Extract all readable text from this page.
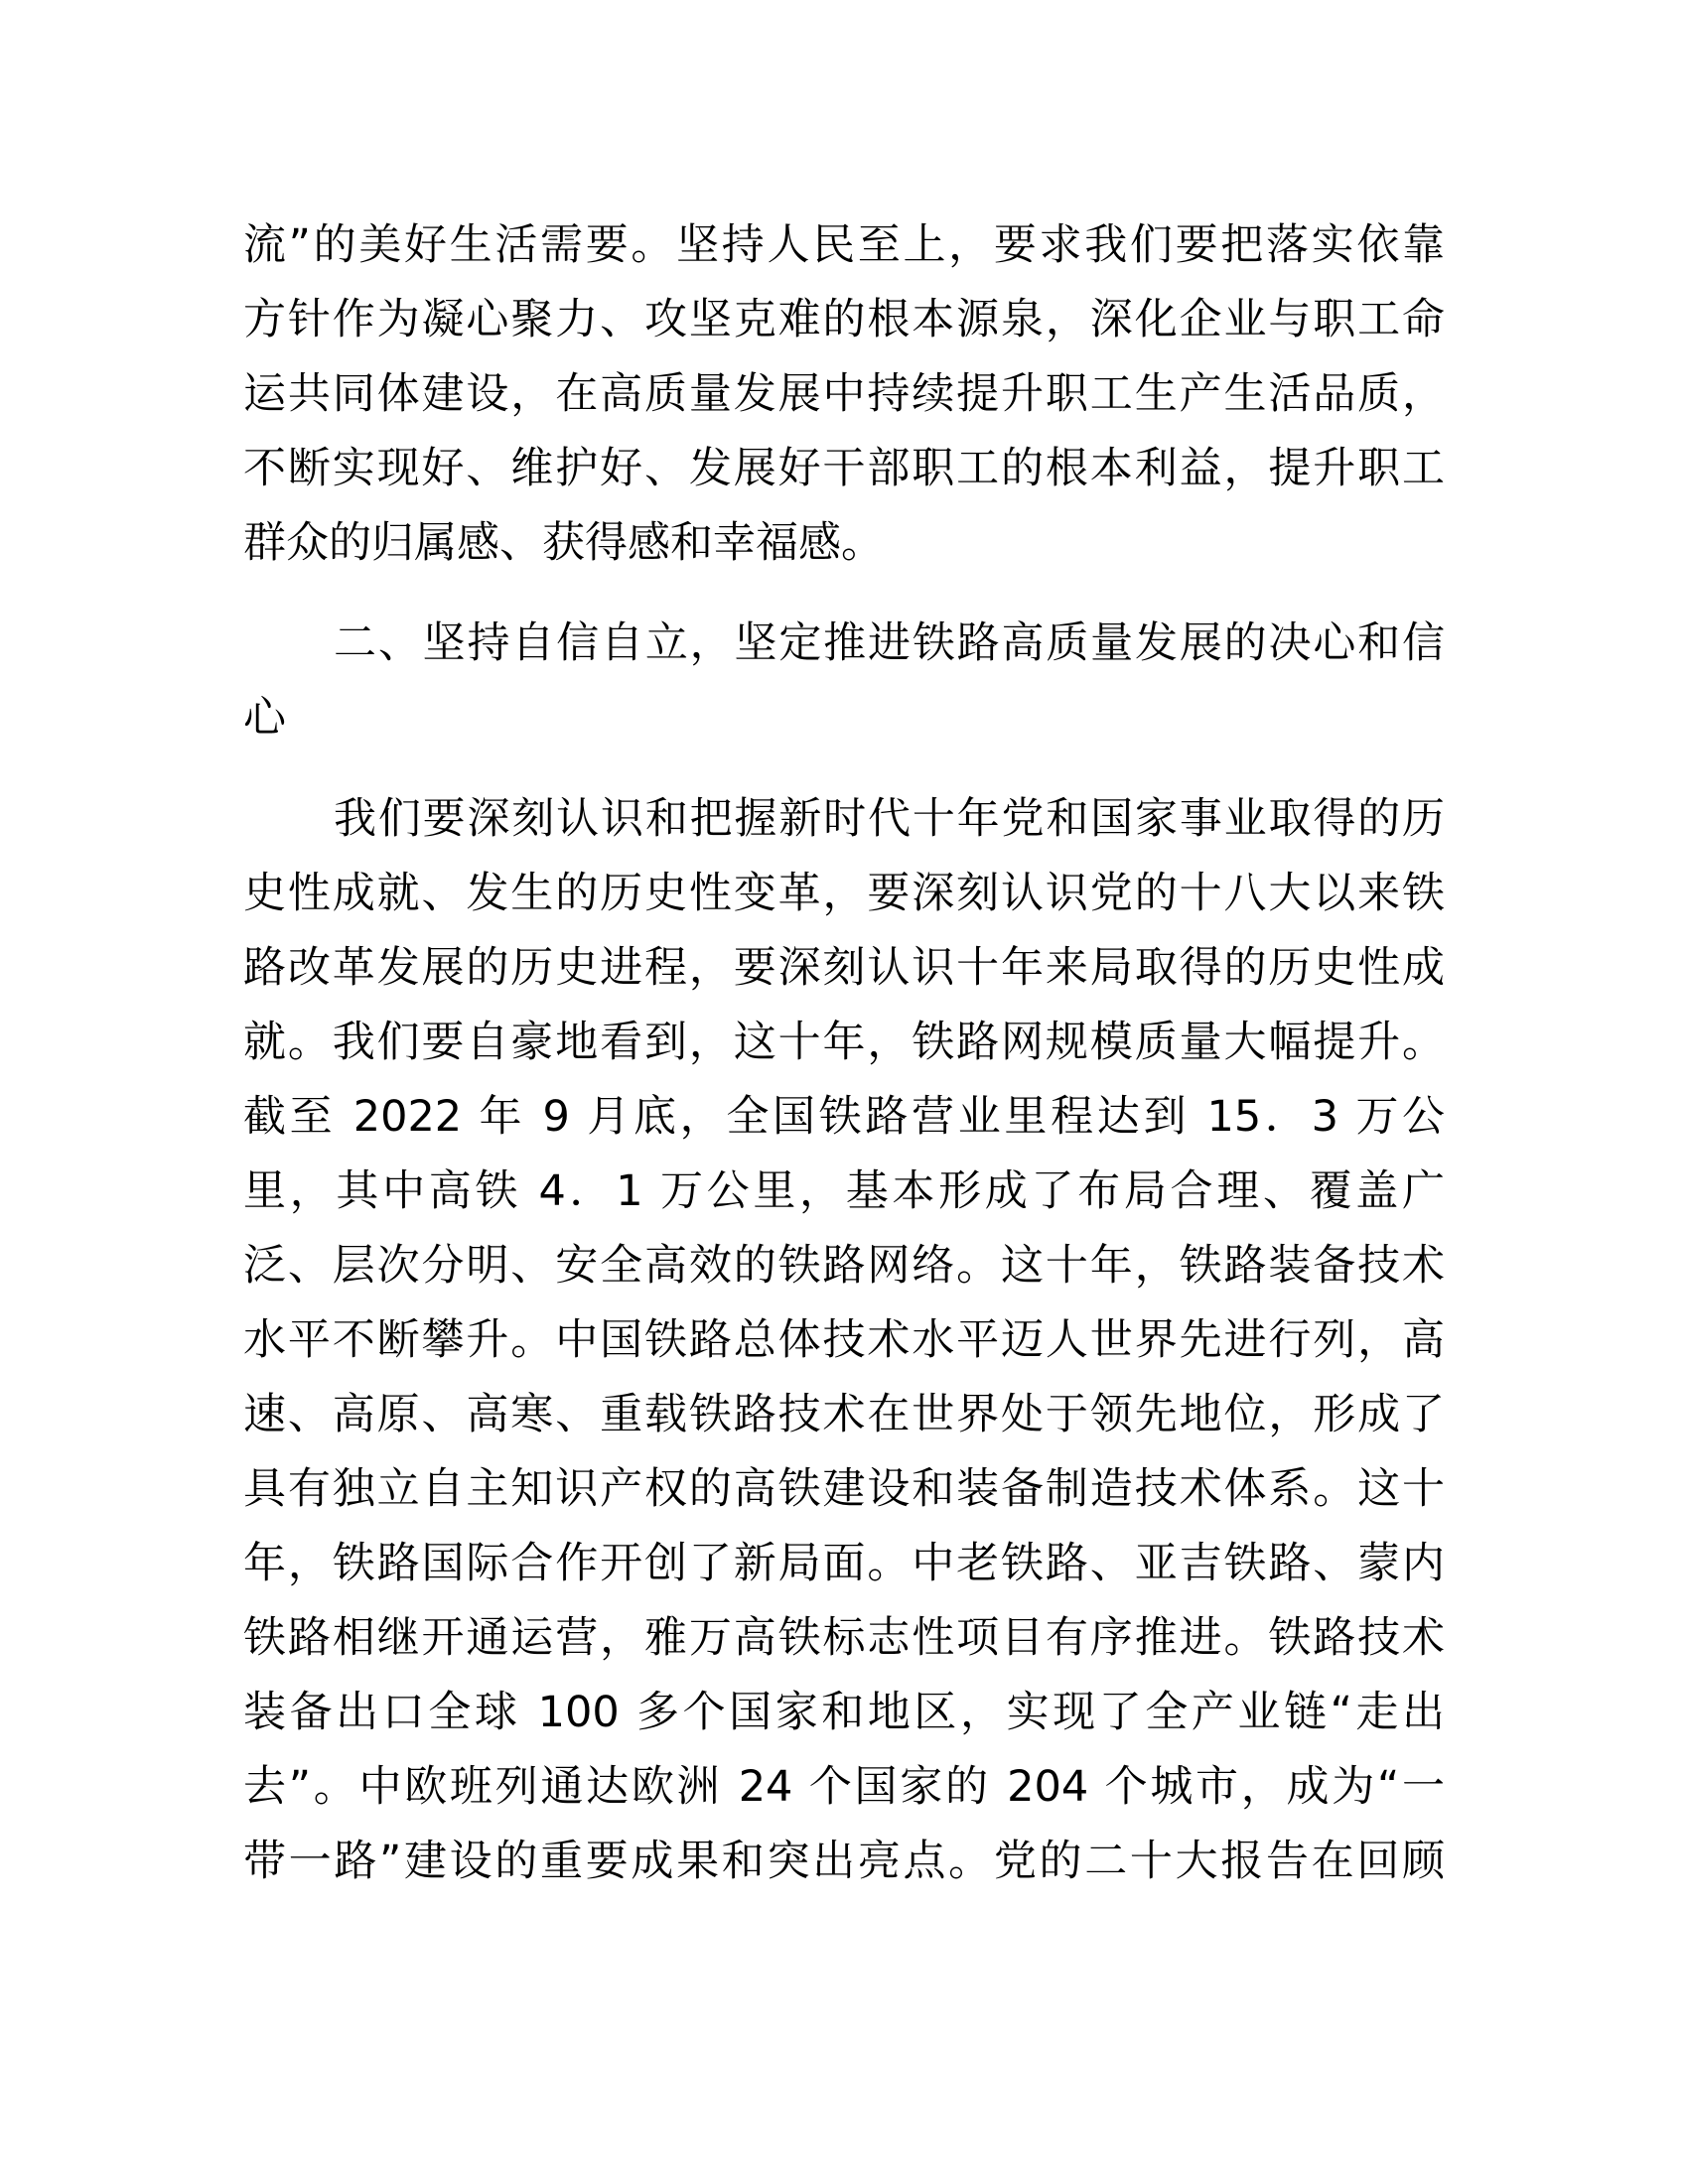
流”的美好生活需要。坚持人民至上，要求我们要把落实依靠
方针作为凝心聚力、攻坚克难的根本源泉，深化企业与职工命
运共同体建设，在高质量发展中持续提升职工生产生活品质，
不断实现好、维护好、发展好干部职工的根本利益，提升职工
群众的归属感、获得感和幸福感。
二、坚持自信自立，坚定推进铁路高质量发展的决心和信
心
我们要深刻认识和把握新时代十年党和国家事业取得的历
史性成就、发生的历史性变革，要深刻认识党的十八大以来铁
路改革发展的历史进程，要深刻认识十年来局取得的历史性成
就。我们要自豪地看到，这十年，铁路网规模质量大幅提升。
截至 2022 年 9 月底，全国铁路营业里程达到 15．3 万公
里，其中高铁 4．1 万公里，基本形成了布局合理、覆盖广
泛、层次分明、安全高效的铁路网络。这十年，铁路装备技术
水平不断攀升。中国铁路总体技术水平迈人世界先进行列，高
速、高原、高寒、重载铁路技术在世界处于领先地位，形成了
具有独立自主知识产权的高铁建设和装备制造技术体系。这十
年，铁路国际合作开创了新局面。中老铁路、亚吉铁路、蒙内
铁路相继开通运营，雅万高铁标志性项目有序推进。铁路技术
装备出口全球 100 多个国家和地区，实现了全产业链“走出
去”。中欧班列通达欧洲 24 个国家的 204 个城市，成为“一
带一路”建设的重要成果和突出亮点。党的二十大报告在回顾
